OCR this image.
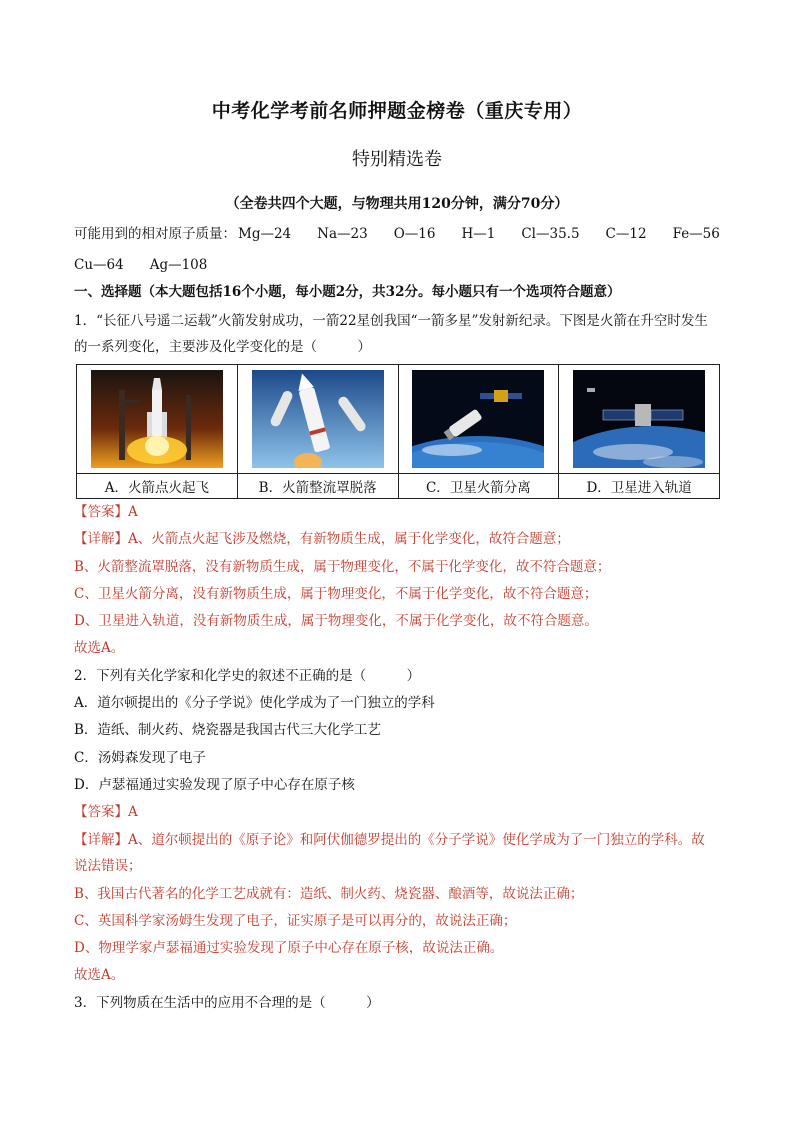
中考化学考前名师押题金榜卷（重庆专用）
特别精选卷
（全卷共四个大题，与物理共用120分钟，满分70分）
可能用到的相对原子质量： Mg—24 Na—23 O—16 H—1 Cl—35.5 C—12 Fe—56
Cu—64 Ag—108
一、选择题（本大题包括16个小题，每小题2分，共32分。每小题只有一个选项符合题意）
1．“长征八号遥二运载”火箭发射成功，一箭22星创我国“一箭多星”发射新纪录。下图是火箭在升空时发生
的一系列变化，主要涉及化学变化的是（　　　）

A．火箭点火起飞	B．火箭整流罩脱落	C．卫星火箭分离	D．卫星进入轨道
【答案】A
【详解】A、火箭点火起飞涉及燃烧，有新物质生成，属于化学变化，故符合题意；
B、火箭整流罩脱落，没有新物质生成，属于物理变化，不属于化学变化，故不符合题意；
C、卫星火箭分离，没有新物质生成，属于物理变化，不属于化学变化，故不符合题意；
D、卫星进入轨道，没有新物质生成，属于物理变化，不属于化学变化，故不符合题意。
故选A。
2．下列有关化学家和化学史的叙述不正确的是（　　　）
A．道尔顿提出的《分子学说》使化学成为了一门独立的学科
B．造纸、制火药、烧瓷器是我国古代三大化学工艺
C．汤姆森发现了电子
D．卢瑟福通过实验发现了原子中心存在原子核
【答案】A
【详解】A、道尔顿提出的《原子论》和阿伏伽德罗提出的《分子学说》使化学成为了一门独立的学科。故
说法错误；
B、我国古代著名的化学工艺成就有：造纸、制火药、烧瓷器、酿酒等，故说法正确；
C、英国科学家汤姆生发现了电子，证实原子是可以再分的，故说法正确；
D、物理学家卢瑟福通过实验发现了原子中心存在原子核，故说法正确。
故选A。
3．下列物质在生活中的应用不合理的是（　　　）
